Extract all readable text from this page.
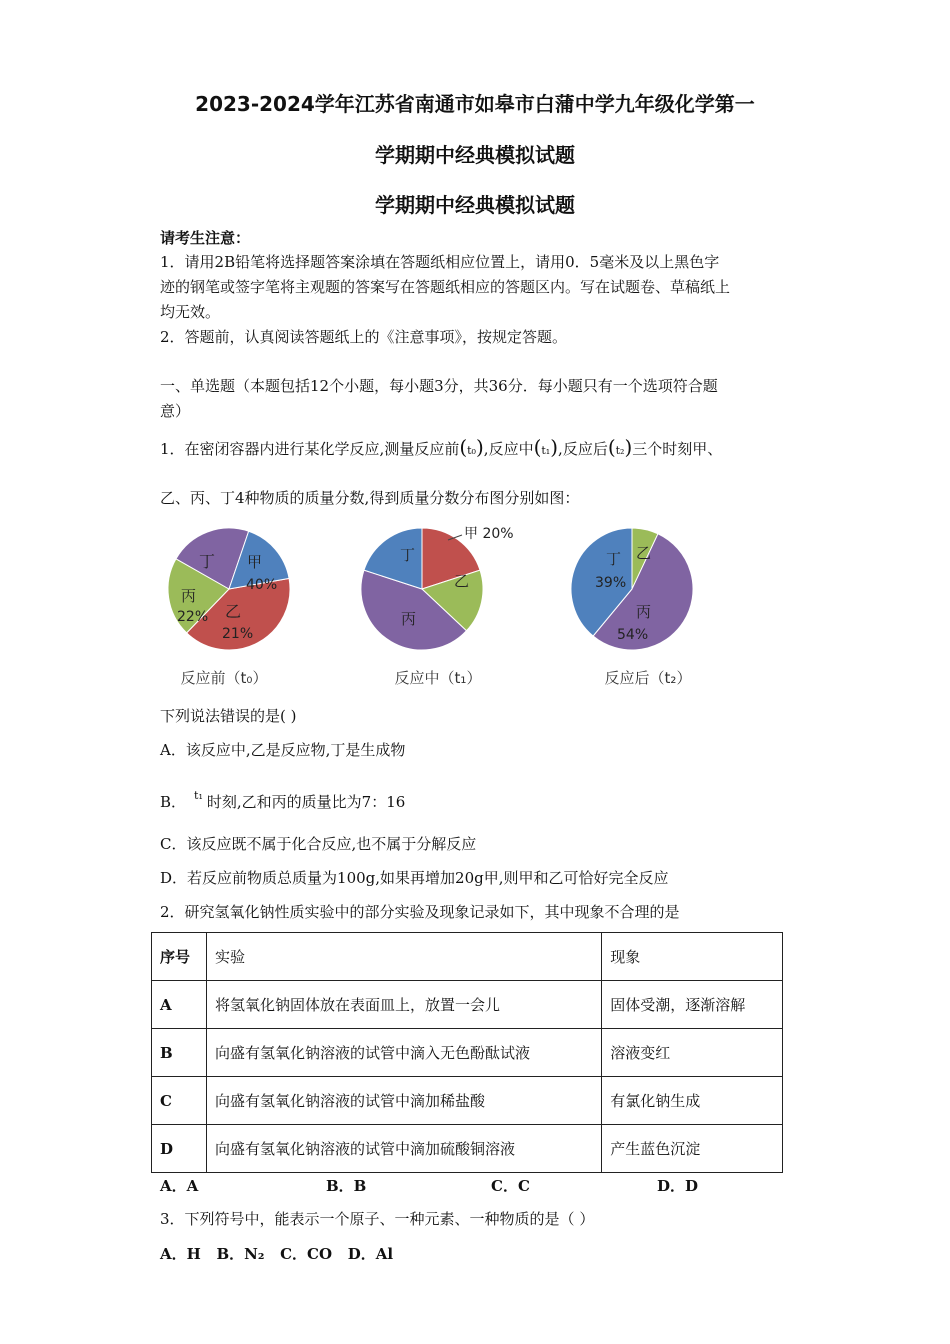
2023-2024学年江苏省南通市如皋市白蒲中学九年级化学第一
学期期中经典模拟试题
学期期中经典模拟试题
请考生注意：
1．请用2B铅笔将选择题答案涂填在答题纸相应位置上，请用0．5毫米及以上黑色字
迹的钢笔或签字笔将主观题的答案写在答题纸相应的答题区内。写在试题卷、草稿纸上
均无效。
2．答题前，认真阅读答题纸上的《注意事项》，按规定答题。
一、单选题（本题包括12个小题，每小题3分，共36分．每小题只有一个选项符合题
意）
1．在密闭容器内进行某化学反应,测量反应前(t₀),反应中(t₁),反应后(t₂)三个时刻甲、
乙、丙、丁4种物质的质量分数,得到质量分数分布图分别如图：
丁 甲
40%
丙
22% 乙
21%
丁
甲 20%
乙
丙
丁
39%
乙
丙
54%
反应前（t₀）	反应中（t₁）	反应后（t₂）
下列说法错误的是( )
A．该反应中,乙是反应物,丁是生成物
B． $^{t_1}$ 时刻,乙和丙的质量比为7：16
C．该反应既不属于化合反应,也不属于分解反应
D．若反应前物质总质量为100g,如果再增加20g甲,则甲和乙可恰好完全反应
2．研究氢氧化钠性质实验中的部分实验及现象记录如下，其中现象不合理的是
序号	实验	现象
A	将氢氧化钠固体放在表面皿上，放置一会儿	固体受潮，逐渐溶解
B	向盛有氢氧化钠溶液的试管中滴入无色酚酞试液	溶液变红
C	向盛有氢氧化钠溶液的试管中滴加稀盐酸	有氯化钠生成
D	向盛有氢氧化钠溶液的试管中滴加硫酸铜溶液	产生蓝色沉淀
A．A	B．B	C．C	D．D
3．下列符号中，能表示一个原子、一种元素、一种物质的是（ ）
A．H   B．N₂   C．CO   D．Al
